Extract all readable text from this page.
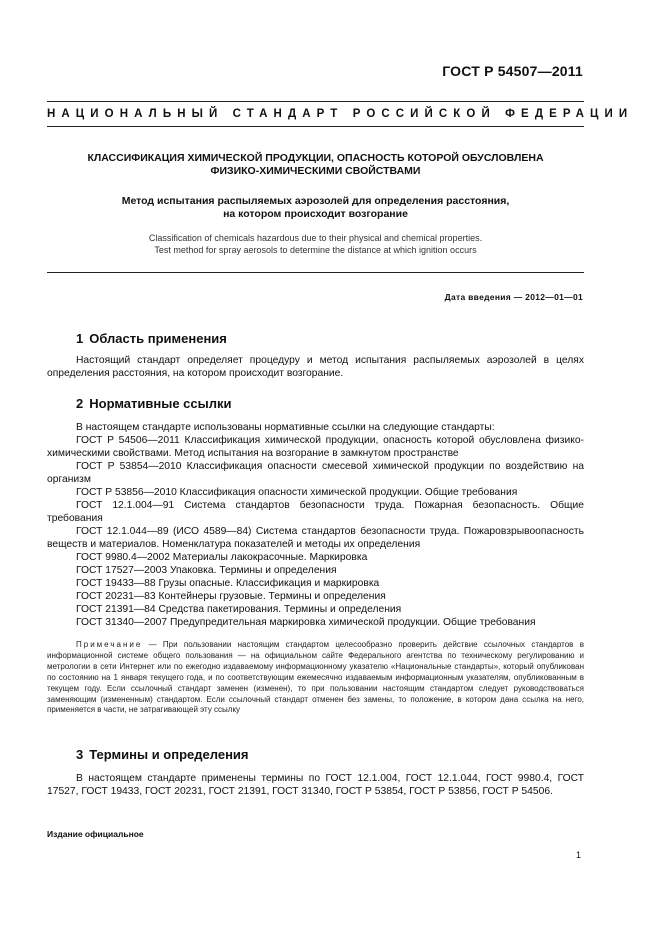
ГОСТ Р 54507—2011
НАЦИОНАЛЬНЫЙ СТАНДАРТ РОССИЙСКОЙ ФЕДЕРАЦИИ
КЛАССИФИКАЦИЯ ХИМИЧЕСКОЙ ПРОДУКЦИИ, ОПАСНОСТЬ КОТОРОЙ ОБУСЛОВЛЕНА
ФИЗИКО-ХИМИЧЕСКИМИ СВОЙСТВАМИ
Метод испытания распыляемых аэрозолей для определения расстояния,
на котором происходит возгорание
Classification of chemicals hazardous due to their physical and chemical properties.
Test method for spray aerosols to determine the distance at which ignition occurs
Дата введения — 2012—01—01
1 Область применения

Настоящий стандарт определяет процедуру и метод испытания распыляемых аэрозолей в целях определения расстояния, на котором происходит возгорание.

2 Нормативные ссылки

В настоящем стандарте использованы нормативные ссылки на следующие стандарты:

ГОСТ Р 54506—2011 Классификация химической продукции, опасность которой обусловлена физико-химическими свойствами. Метод испытания на возгорание в замкнутом пространстве
ГОСТ Р 53854—2010 Классификация опасности смесевой химической продукции по воздействию на организм
ГОСТ Р 53856—2010 Классификация опасности химической продукции. Общие требования
ГОСТ 12.1.004—91 Система стандартов безопасности труда. Пожарная безопасность. Общие требования
ГОСТ 12.1.044—89 (ИСО 4589—84) Система стандартов безопасности труда. Пожаровзрывоопасность веществ и материалов. Номенклатура показателей и методы их определения
ГОСТ 9980.4—2002 Материалы лакокрасочные. Маркировка
ГОСТ 17527—2003 Упаковка. Термины и определения
ГОСТ 19433—88 Грузы опасные. Классификация и маркировка
ГОСТ 20231—83 Контейнеры грузовые. Термины и определения
ГОСТ 21391—84 Средства пакетирования. Термины и определения
ГОСТ 31340—2007 Предупредительная маркировка химической продукции. Общие требования

Примечание — При пользовании настоящим стандартом целесообразно проверить действие ссылочных стандартов в информационной системе общего пользования — на официальном сайте Федерального агентства по техническому регулированию и метрологии в сети Интернет или по ежегодно издаваемому информационному указателю «Национальные стандарты», который опубликован по состоянию на 1 января текущего года, и по соответствующим ежемесячно издаваемым информационным указателям, опубликованным в текущем году. Если ссылочный стандарт заменен (изменен), то при пользовании настоящим стандартом следует руководствоваться заменяющим (измененным) стандартом. Если ссылочный стандарт отменен без замены, то положение, в котором дана ссылка на него, применяется в части, не затрагивающей эту ссылку

3 Термины и определения

В настоящем стандарте применены термины по ГОСТ 12.1.004, ГОСТ 12.1.044, ГОСТ 9980.4, ГОСТ 17527, ГОСТ 19433, ГОСТ 20231, ГОСТ 21391, ГОСТ 31340, ГОСТ Р 53854, ГОСТ Р 53856, ГОСТ Р 54506.

Издание официальное
1
